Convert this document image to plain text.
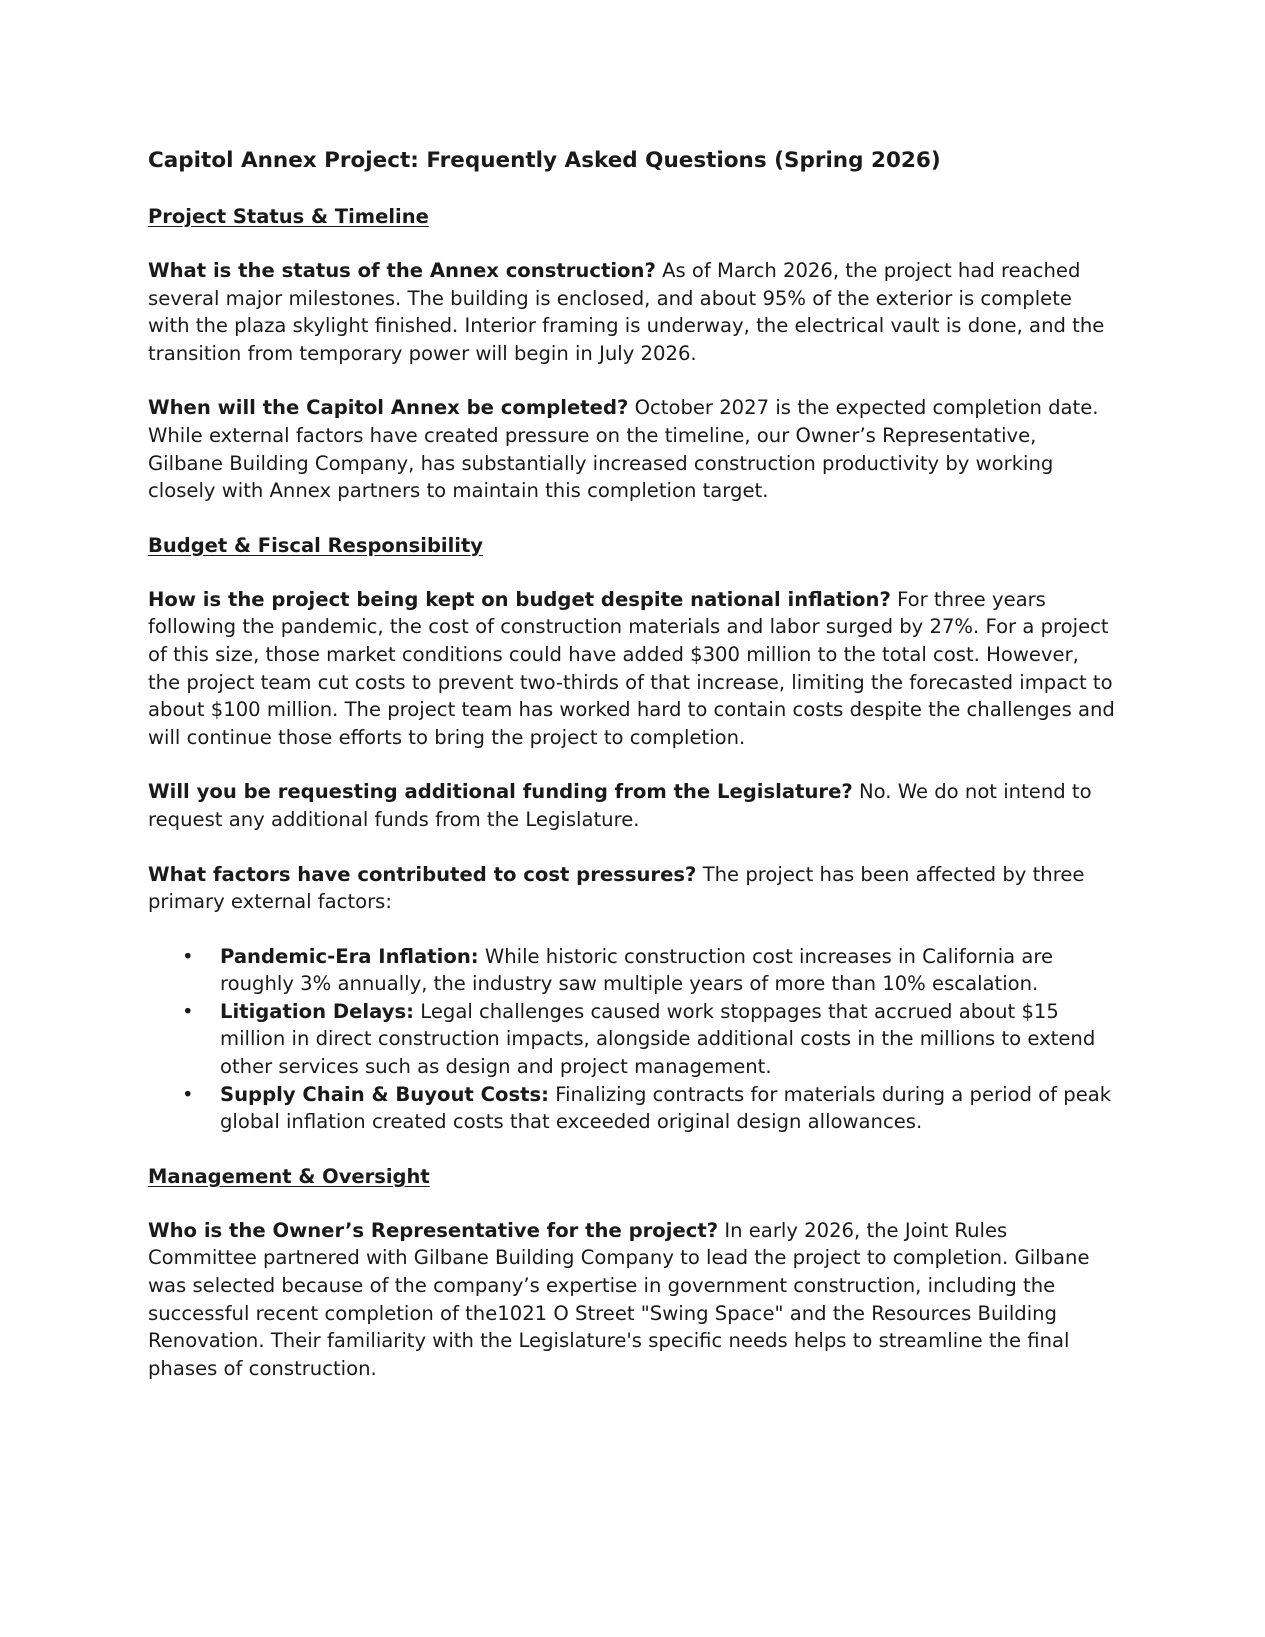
Capitol Annex Project: Frequently Asked Questions (Spring 2026)
Project Status & Timeline

What is the status of the Annex construction? As of March 2026, the project had reached several major milestones. The building is enclosed, and about 95% of the exterior is complete with the plaza skylight finished. Interior framing is underway, the electrical vault is done, and the transition from temporary power will begin in July 2026.

When will the Capitol Annex be completed? October 2027 is the expected completion date. While external factors have created pressure on the timeline, our Owner’s Representative, Gilbane Building Company, has substantially increased construction productivity by working closely with Annex partners to maintain this completion target.

Budget & Fiscal Responsibility

How is the project being kept on budget despite national inflation? For three years following the pandemic, the cost of construction materials and labor surged by 27%. For a project of this size, those market conditions could have added $300 million to the total cost. However, the project team cut costs to prevent two-thirds of that increase, limiting the forecasted impact to about $100 million. The project team has worked hard to contain costs despite the challenges and will continue those efforts to bring the project to completion.

Will you be requesting additional funding from the Legislature? No. We do not intend to request any additional funds from the Legislature.

What factors have contributed to cost pressures? The project has been affected by three primary external factors:

• Pandemic-Era Inflation: While historic construction cost increases in California are roughly 3% annually, the industry saw multiple years of more than 10% escalation.
• Litigation Delays: Legal challenges caused work stoppages that accrued about $15 million in direct construction impacts, alongside additional costs in the millions to extend other services such as design and project management.
• Supply Chain & Buyout Costs: Finalizing contracts for materials during a period of peak global inflation created costs that exceeded original design allowances.
Management & Oversight

Who is the Owner’s Representative for the project? In early 2026, the Joint Rules Committee partnered with Gilbane Building Company to lead the project to completion. Gilbane was selected because of the company’s expertise in government construction, including the successful recent completion of the1021 O Street "Swing Space" and the Resources Building Renovation. Their familiarity with the Legislature's specific needs helps to streamline the final phases of construction.
